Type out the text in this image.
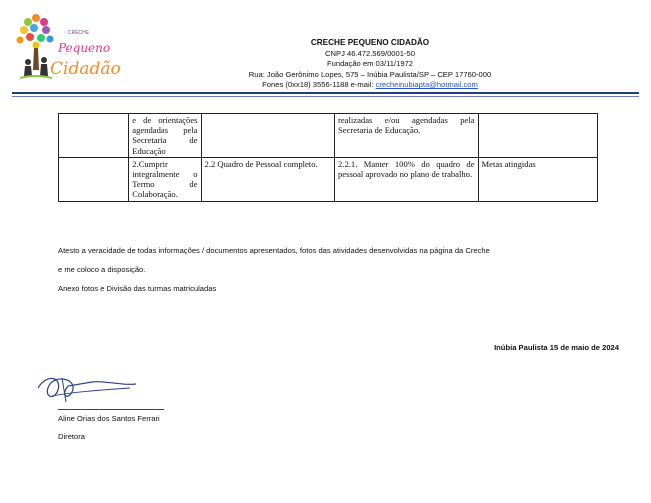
CRECHE
Pequeno
Cidadão
CRECHE PEQUENO CIDADÃO
CNPJ 46.472.569/0001-50
Fundação em 03/11/1972
Rua: João Gerônimo Lopes, 575 – Inúbia Paulista/SP – CEP 17760-000
Fones (0xx18) 3556-1188 e-mail: crecheinubiapta@hotmail.com
	e de orientações agendadas pela Secretaria de Educação		realizadas e/ou agendadas pela Secretaria de Educação.	
	2.Cumprir integralmente o Termo de Colaboração.	2.2 Quadro de Pessoal completo.	2.2.1. Manter 100% do quadro de pessoal aprovado no plano de trabalho.	Metas atingidas
Atesto a veracidade de todas informações / documentos apresentados, fotos das atividades desenvolvidas na página da Creche
e me coloco a disposição.
Anexo fotos e Divisão das turmas matriculadas
Inúbia Paulista 15 de maio de 2024
Aline Orias dos Santos Ferrari
Diretora
